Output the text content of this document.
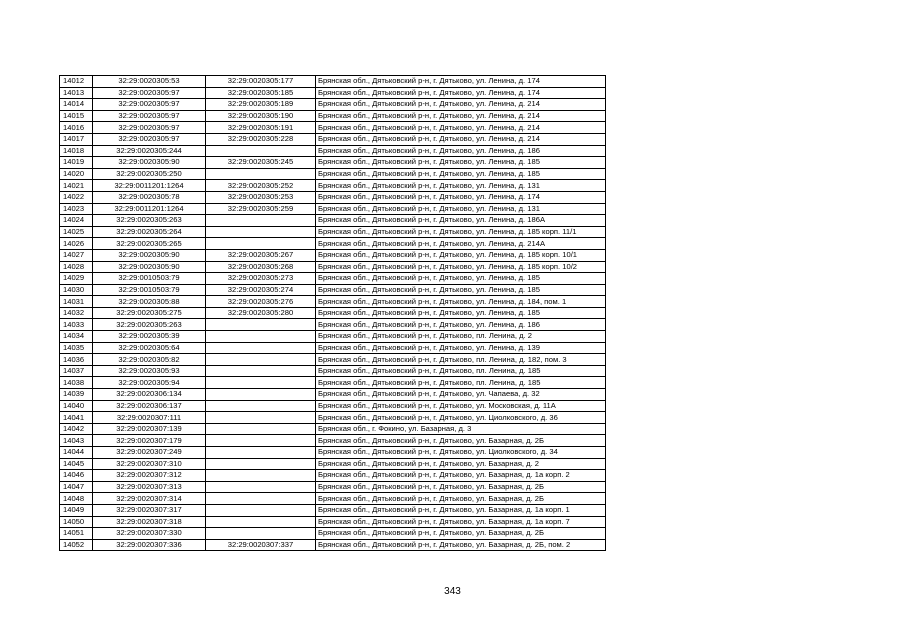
14012	32:29:0020305:53	32:29:0020305:177	Брянская обл., Дятьковский р-н, г. Дятьково, ул. Ленина, д. 174
14013	32:29:0020305:97	32:29:0020305:185	Брянская обл., Дятьковский р-н, г. Дятьково, ул. Ленина, д. 174
14014	32:29:0020305:97	32:29:0020305:189	Брянская обл., Дятьковский р-н, г. Дятьково, ул. Ленина, д. 214
14015	32:29:0020305:97	32:29:0020305:190	Брянская обл., Дятьковский р-н, г. Дятьково, ул. Ленина, д. 214
14016	32:29:0020305:97	32:29:0020305:191	Брянская обл., Дятьковский р-н, г. Дятьково, ул. Ленина, д. 214
14017	32:29:0020305:97	32:29:0020305:228	Брянская обл., Дятьковский р-н, г. Дятьково, ул. Ленина, д. 214
14018	32:29:0020305:244		Брянская обл., Дятьковский р-н, г. Дятьково, ул. Ленина, д. 186
14019	32:29:0020305:90	32:29:0020305:245	Брянская обл., Дятьковский р-н, г. Дятьково, ул. Ленина, д. 185
14020	32:29:0020305:250		Брянская обл., Дятьковский р-н, г. Дятьково, ул. Ленина, д. 185
14021	32:29:0011201:1264	32:29:0020305:252	Брянская обл., Дятьковский р-н, г. Дятьково, ул. Ленина, д. 131
14022	32:29:0020305:78	32:29:0020305:253	Брянская обл., Дятьковский р-н, г. Дятьково, ул. Ленина, д. 174
14023	32:29:0011201:1264	32:29:0020305:259	Брянская обл., Дятьковский р-н, г. Дятьково, ул. Ленина, д. 131
14024	32:29:0020305:263		Брянская обл., Дятьковский р-н, г. Дятьково, ул. Ленина, д. 186А
14025	32:29:0020305:264		Брянская обл., Дятьковский р-н, г. Дятьково, ул. Ленина, д. 185 корп. 11/1
14026	32:29:0020305:265		Брянская обл., Дятьковский р-н, г. Дятьково, ул. Ленина, д. 214А
14027	32:29:0020305:90	32:29:0020305:267	Брянская обл., Дятьковский р-н, г. Дятьково, ул. Ленина, д. 185 корп. 10/1
14028	32:29:0020305:90	32:29:0020305:268	Брянская обл., Дятьковский р-н, г. Дятьково, ул. Ленина, д. 185 корп. 10/2
14029	32:29:0010503:79	32:29:0020305:273	Брянская обл., Дятьковский р-н, г. Дятьково, ул. Ленина, д. 185
14030	32:29:0010503:79	32:29:0020305:274	Брянская обл., Дятьковский р-н, г. Дятьково, ул. Ленина, д. 185
14031	32:29:0020305:88	32:29:0020305:276	Брянская обл., Дятьковский р-н, г. Дятьково, ул. Ленина, д. 184, пом. 1
14032	32:29:0020305:275	32:29:0020305:280	Брянская обл., Дятьковский р-н, г. Дятьково, ул. Ленина, д. 185
14033	32:29:0020305:263		Брянская обл., Дятьковский р-н, г. Дятьково, ул. Ленина, д. 186
14034	32:29:0020305:39		Брянская обл., Дятьковский р-н, г. Дятьково, пл. Ленина, д. 2
14035	32:29:0020305:64		Брянская обл., Дятьковский р-н, г. Дятьково, ул. Ленина, д. 139
14036	32:29:0020305:82		Брянская обл., Дятьковский р-н, г. Дятьково, пл. Ленина, д. 182, пом. 3
14037	32:29:0020305:93		Брянская обл., Дятьковский р-н, г. Дятьково, пл. Ленина, д. 185
14038	32:29:0020305:94		Брянская обл., Дятьковский р-н, г. Дятьково, пл. Ленина, д. 185
14039	32:29:0020306:134		Брянская обл., Дятьковский р-н, г. Дятьково, ул. Чапаева, д. 32
14040	32:29:0020306:137		Брянская обл., Дятьковский р-н, г. Дятьково, ул. Московская, д. 11А
14041	32:29:0020307:111		Брянская обл., Дятьковский р-н, г. Дятьково, ул. Циолковского, д. 36
14042	32:29:0020307:139		Брянская обл., г. Фокино, ул. Базарная, д. 3
14043	32:29:0020307:179		Брянская обл., Дятьковский р-н, г. Дятьково, ул. Базарная, д. 2Б
14044	32:29:0020307:249		Брянская обл., Дятьковский р-н, г. Дятьково, ул. Циолковского, д. 34
14045	32:29:0020307:310		Брянская обл., Дятьковский р-н, г. Дятьково, ул. Базарная, д. 2
14046	32:29:0020307:312		Брянская обл., Дятьковский р-н, г. Дятьково, ул. Базарная, д. 1а корп. 2
14047	32:29:0020307:313		Брянская обл., Дятьковский р-н, г. Дятьково, ул. Базарная, д. 2Б
14048	32:29:0020307:314		Брянская обл., Дятьковский р-н, г. Дятьково, ул. Базарная, д. 2Б
14049	32:29:0020307:317		Брянская обл., Дятьковский р-н, г. Дятьково, ул. Базарная, д. 1а корп. 1
14050	32:29:0020307:318		Брянская обл., Дятьковский р-н, г. Дятьково, ул. Базарная, д. 1а корп. 7
14051	32:29:0020307:330		Брянская обл., Дятьковский р-н, г. Дятьково, ул. Базарная, д. 2Б
14052	32:29:0020307:336	32:29:0020307:337	Брянская обл., Дятьковский р-н, г. Дятьково, ул. Базарная, д. 2Б, пом. 2
343
